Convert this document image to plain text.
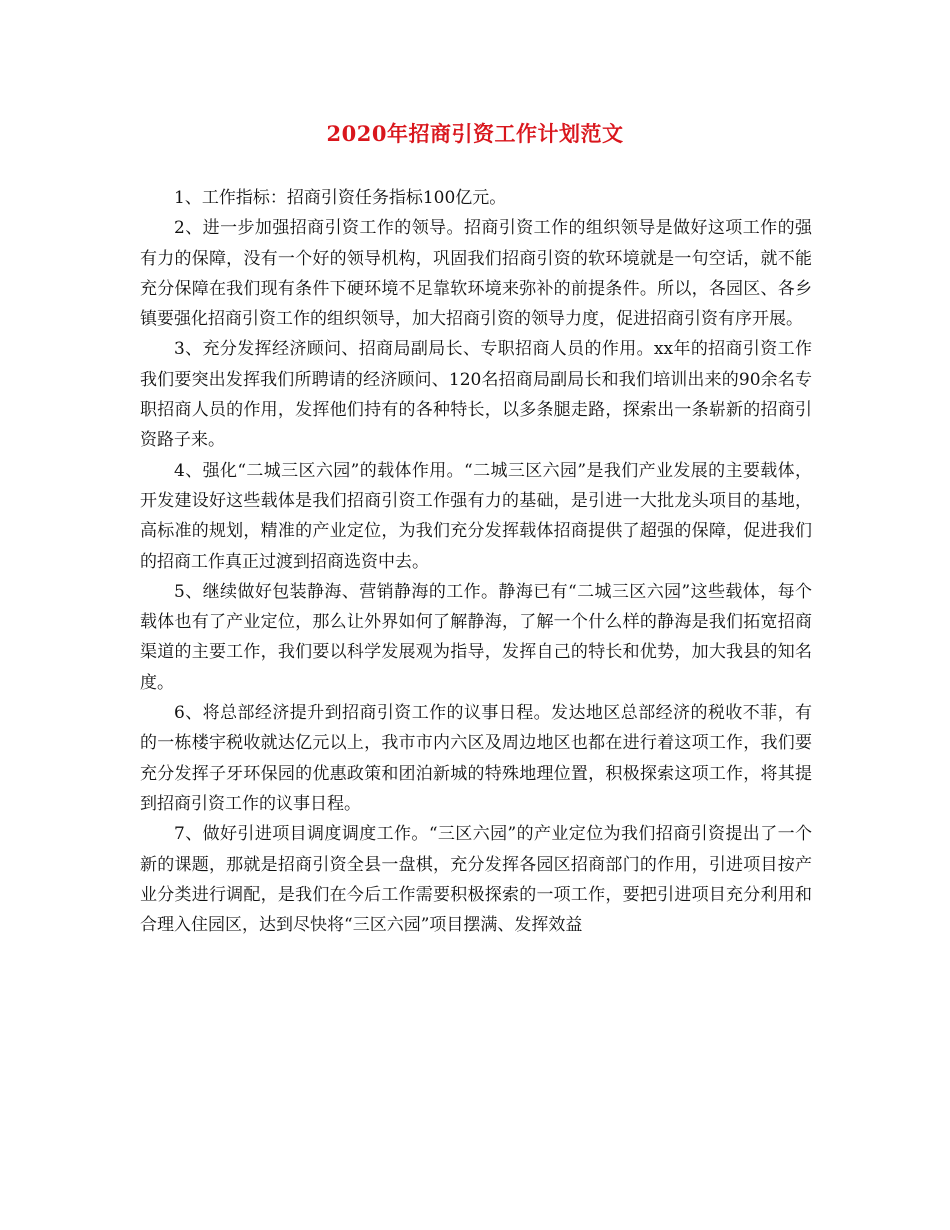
2020年招商引资工作计划范文

1、工作指标：招商引资任务指标100亿元。

2、进一步加强招商引资工作的领导。招商引资工作的组织领导是做好这项工作的强有力的保障，没有一个好的领导机构，巩固我们招商引资的软环境就是一句空话，就不能充分保障在我们现有条件下硬环境不足靠软环境来弥补的前提条件。所以，各园区、各乡镇要强化招商引资工作的组织领导，加大招商引资的领导力度，促进招商引资有序开展。

3、充分发挥经济顾问、招商局副局长、专职招商人员的作用。xx年的招商引资工作我们要突出发挥我们所聘请的经济顾问、120名招商局副局长和我们培训出来的90余名专职招商人员的作用，发挥他们持有的各种特长，以多条腿走路，探索出一条崭新的招商引资路子来。

4、强化“二城三区六园”的载体作用。“二城三区六园”是我们产业发展的主要载体，开发建设好这些载体是我们招商引资工作强有力的基础，是引进一大批龙头项目的基地，高标准的规划，精准的产业定位，为我们充分发挥载体招商提供了超强的保障，促进我们的招商工作真正过渡到招商选资中去。

5、继续做好包装静海、营销静海的工作。静海已有“二城三区六园”这些载体，每个载体也有了产业定位，那么让外界如何了解静海，了解一个什么样的静海是我们拓宽招商渠道的主要工作，我们要以科学发展观为指导，发挥自己的特长和优势，加大我县的知名度。

6、将总部经济提升到招商引资工作的议事日程。发达地区总部经济的税收不菲，有的一栋楼宇税收就达亿元以上，我市市内六区及周边地区也都在进行着这项工作，我们要充分发挥子牙环保园的优惠政策和团泊新城的特殊地理位置，积极探索这项工作，将其提到招商引资工作的议事日程。

7、做好引进项目调度调度工作。“三区六园”的产业定位为我们招商引资提出了一个新的课题，那就是招商引资全县一盘棋，充分发挥各园区招商部门的作用，引进项目按产业分类进行调配，是我们在今后工作需要积极探索的一项工作，要把引进项目充分利用和合理入住园区，达到尽快将“三区六园”项目摆满、发挥效益
